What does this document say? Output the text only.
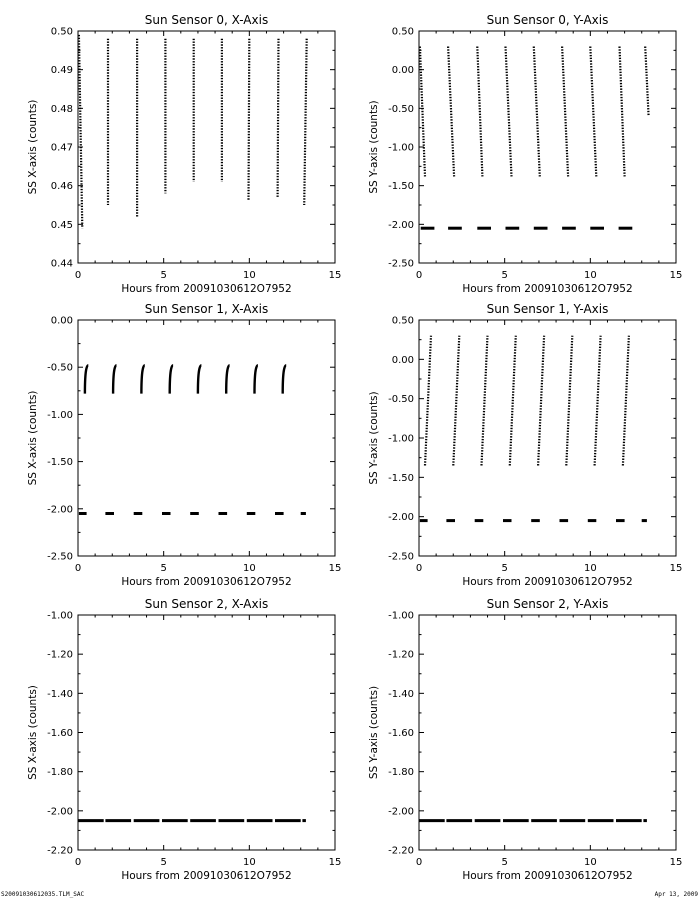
Sun Sensor 0, X-Axis
0	5	10	15
0.44
0.45
0.46
0.47
0.48
0.49
0.50
Hours from 20091030612O7952
SS X-axis (counts)
Sun Sensor 0, Y-Axis
0	5	10	15
-2.50
-2.00
-1.50
-1.00
-0.50
0.00
0.50
Hours from 20091030612O7952
SS Y-axis (counts)
Sun Sensor 1, X-Axis
0	5	10	15
-2.50
-2.00
-1.50
-1.00
-0.50
0.00
Hours from 20091030612O7952
SS X-axis (counts)
Sun Sensor 1, Y-Axis
0	5	10	15
-2.50
-2.00
-1.50
-1.00
-0.50
0.00
0.50
Hours from 20091030612O7952
SS Y-axis (counts)
Sun Sensor 2, X-Axis
0	5	10	15
-2.20
-2.00
-1.80
-1.60
-1.40
-1.20
-1.00
Hours from 20091030612O7952
SS X-axis (counts)
Sun Sensor 2, Y-Axis
0	5	10	15
-2.20
-2.00
-1.80
-1.60
-1.40
-1.20
-1.00
Hours from 20091030612O7952
SS Y-axis (counts)
S20091030612035.TLM_SAC	Apr 13, 2009
